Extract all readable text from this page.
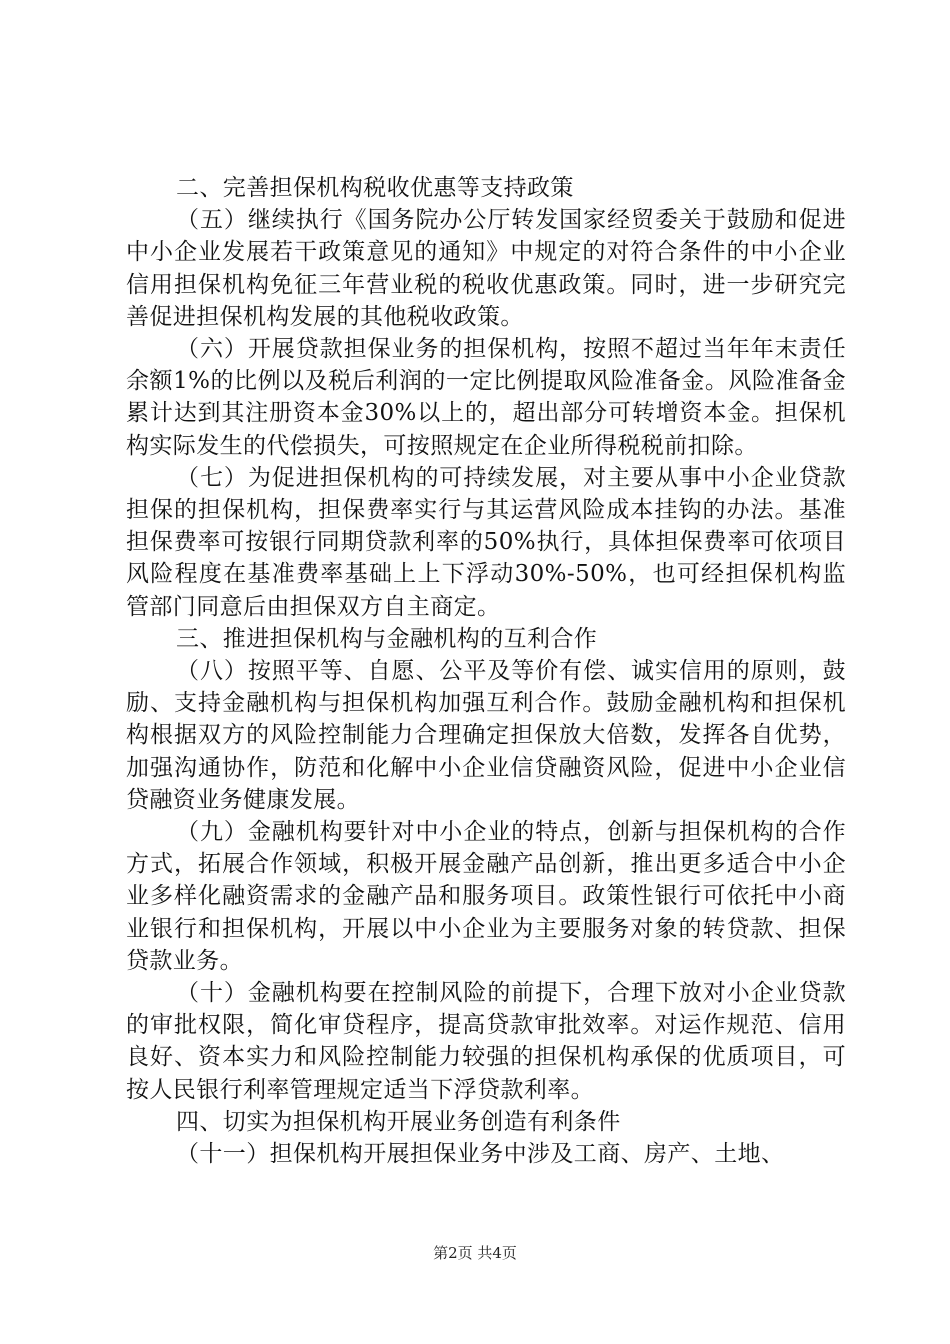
二、完善担保机构税收优惠等支持政策

（五）继续执行《国务院办公厅转发国家经贸委关于鼓励和促进中小企业发展若干政策意见的通知》中规定的对符合条件的中小企业信用担保机构免征三年营业税的税收优惠政策。同时，进一步研究完善促进担保机构发展的其他税收政策。

（六）开展贷款担保业务的担保机构，按照不超过当年年末责任余额1%的比例以及税后利润的一定比例提取风险准备金。风险准备金累计达到其注册资本金30%以上的，超出部分可转增资本金。担保机构实际发生的代偿损失，可按照规定在企业所得税税前扣除。

（七）为促进担保机构的可持续发展，对主要从事中小企业贷款担保的担保机构，担保费率实行与其运营风险成本挂钩的办法。基准担保费率可按银行同期贷款利率的50%执行，具体担保费率可依项目风险程度在基准费率基础上上下浮动30%-50%，也可经担保机构监管部门同意后由担保双方自主商定。

三、推进担保机构与金融机构的互利合作

（八）按照平等、自愿、公平及等价有偿、诚实信用的原则，鼓励、支持金融机构与担保机构加强互利合作。鼓励金融机构和担保机构根据双方的风险控制能力合理确定担保放大倍数，发挥各自优势，加强沟通协作，防范和化解中小企业信贷融资风险，促进中小企业信贷融资业务健康发展。

（九）金融机构要针对中小企业的特点，创新与担保机构的合作方式，拓展合作领域，积极开展金融产品创新，推出更多适合中小企业多样化融资需求的金融产品和服务项目。政策性银行可依托中小商业银行和担保机构，开展以中小企业为主要服务对象的转贷款、担保贷款业务。

（十）金融机构要在控制风险的前提下，合理下放对小企业贷款的审批权限，简化审贷程序，提高贷款审批效率。对运作规范、信用良好、资本实力和风险控制能力较强的担保机构承保的优质项目，可按人民银行利率管理规定适当下浮贷款利率。

四、切实为担保机构开展业务创造有利条件

（十一）担保机构开展担保业务中涉及工商、房产、土地、

第2页 共4页
